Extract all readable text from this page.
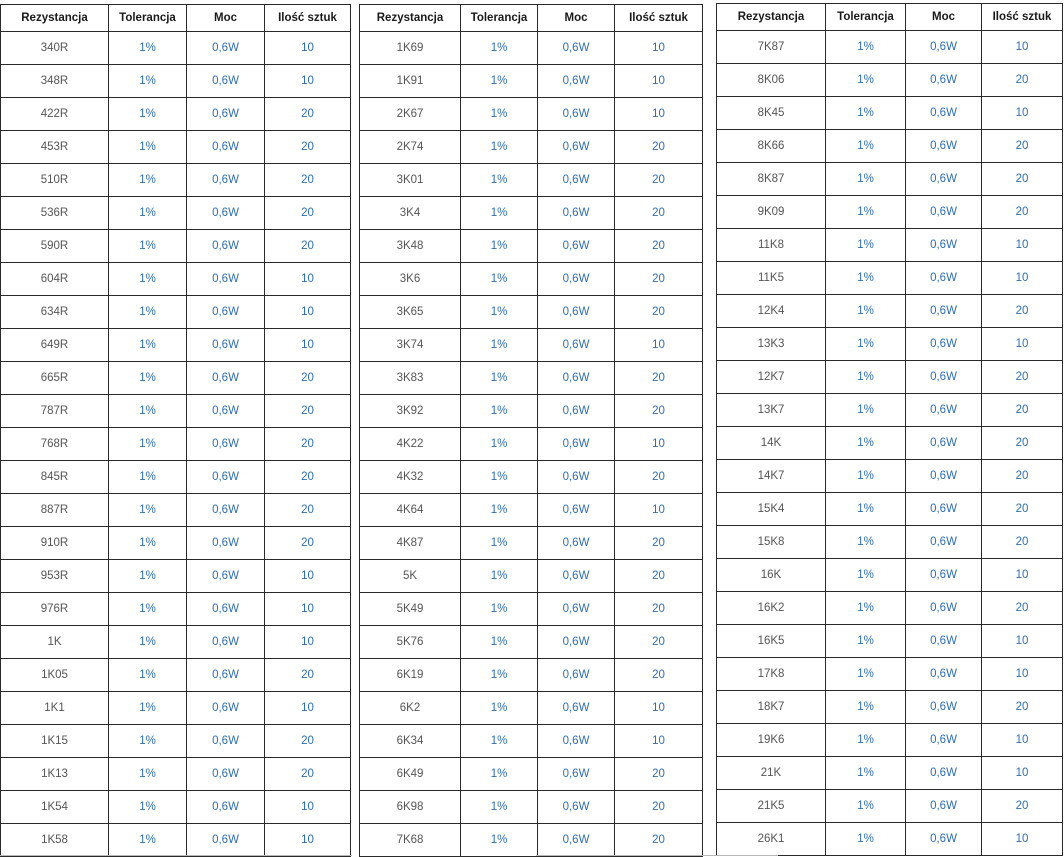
Rezystancja	Tolerancja	Moc	Ilość sztuk
340R	1%	0,6W	10
348R	1%	0,6W	10
422R	1%	0,6W	20
453R	1%	0,6W	20
510R	1%	0,6W	20
536R	1%	0,6W	20
590R	1%	0,6W	20
604R	1%	0,6W	10
634R	1%	0,6W	10
649R	1%	0,6W	10
665R	1%	0,6W	20
787R	1%	0,6W	20
768R	1%	0,6W	20
845R	1%	0,6W	20
887R	1%	0,6W	20
910R	1%	0,6W	20
953R	1%	0,6W	10
976R	1%	0,6W	10
1K	1%	0,6W	10
1K05	1%	0,6W	20
1K1	1%	0,6W	10
1K15	1%	0,6W	20
1K13	1%	0,6W	20
1K54	1%	0,6W	10
1K58	1%	0,6W	10
Rezystancja	Tolerancja	Moc	Ilość sztuk
1K69	1%	0,6W	10
1K91	1%	0,6W	10
2K67	1%	0,6W	10
2K74	1%	0,6W	20
3K01	1%	0,6W	20
3K4	1%	0,6W	20
3K48	1%	0,6W	20
3K6	1%	0,6W	20
3K65	1%	0,6W	20
3K74	1%	0,6W	10
3K83	1%	0,6W	20
3K92	1%	0,6W	20
4K22	1%	0,6W	10
4K32	1%	0,6W	20
4K64	1%	0,6W	10
4K87	1%	0,6W	20
5K	1%	0,6W	20
5K49	1%	0,6W	20
5K76	1%	0,6W	20
6K19	1%	0,6W	20
6K2	1%	0,6W	10
6K34	1%	0,6W	10
6K49	1%	0,6W	20
6K98	1%	0,6W	20
7K68	1%	0,6W	20
Rezystancja	Tolerancja	Moc	Ilość sztuk
7K87	1%	0,6W	10
8K06	1%	0,6W	20
8K45	1%	0,6W	10
8K66	1%	0,6W	20
8K87	1%	0,6W	20
9K09	1%	0,6W	20
11K8	1%	0,6W	10
11K5	1%	0,6W	10
12K4	1%	0,6W	20
13K3	1%	0,6W	10
12K7	1%	0,6W	20
13K7	1%	0,6W	20
14K	1%	0,6W	20
14K7	1%	0,6W	20
15K4	1%	0,6W	20
15K8	1%	0,6W	20
16K	1%	0,6W	10
16K2	1%	0,6W	20
16K5	1%	0,6W	10
17K8	1%	0,6W	10
18K7	1%	0,6W	20
19K6	1%	0,6W	10
21K	1%	0,6W	10
21K5	1%	0,6W	20
26K1	1%	0,6W	10
